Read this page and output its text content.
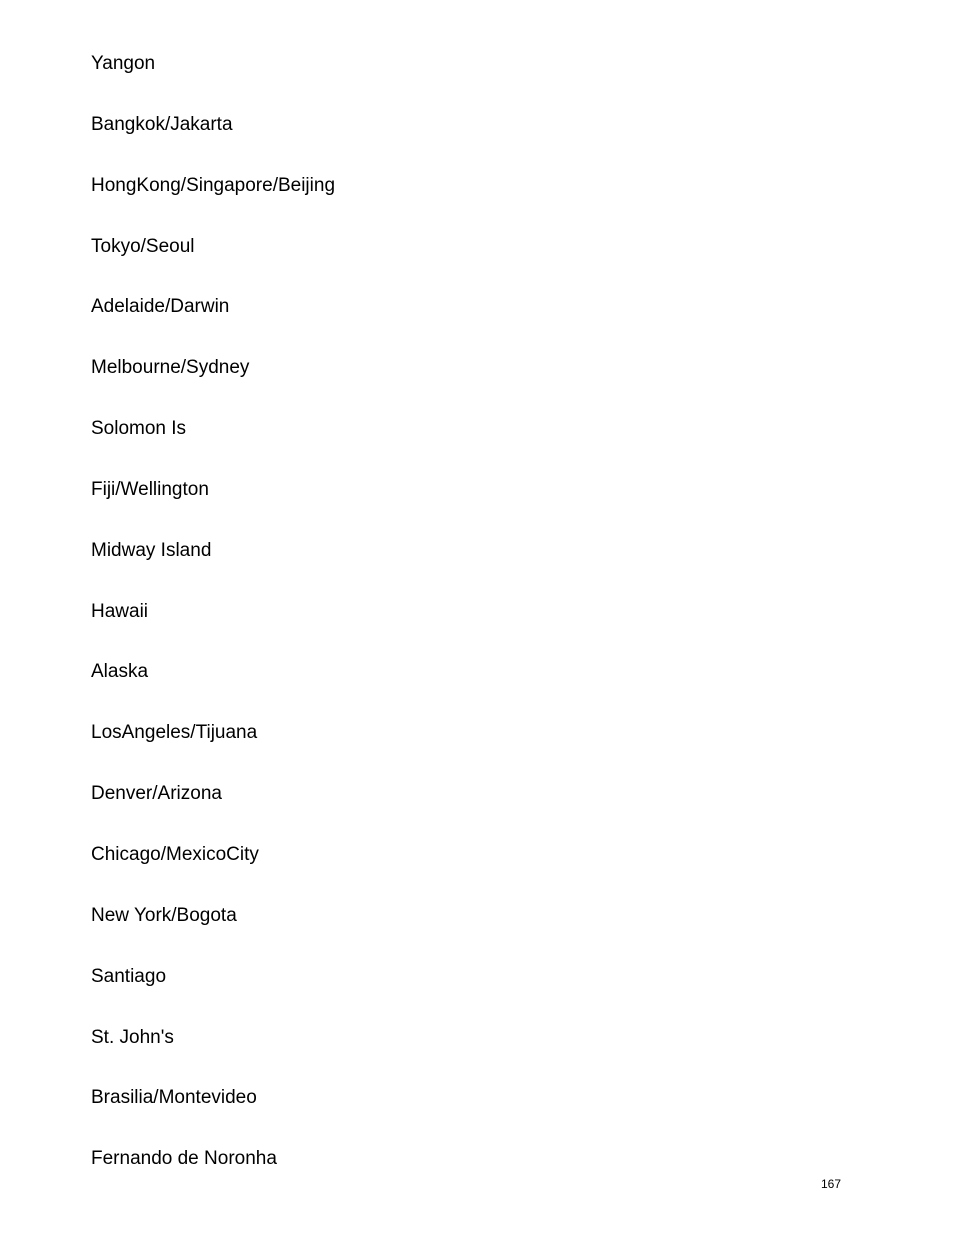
Yangon
Bangkok/Jakarta
HongKong/Singapore/Beijing
Tokyo/Seoul
Adelaide/Darwin
Melbourne/Sydney
Solomon Is
Fiji/Wellington
Midway Island
Hawaii
Alaska
LosAngeles/Tijuana
Denver/Arizona
Chicago/MexicoCity
New York/Bogota
Santiago
St. John's
Brasilia/Montevideo
Fernando de Noronha
167
